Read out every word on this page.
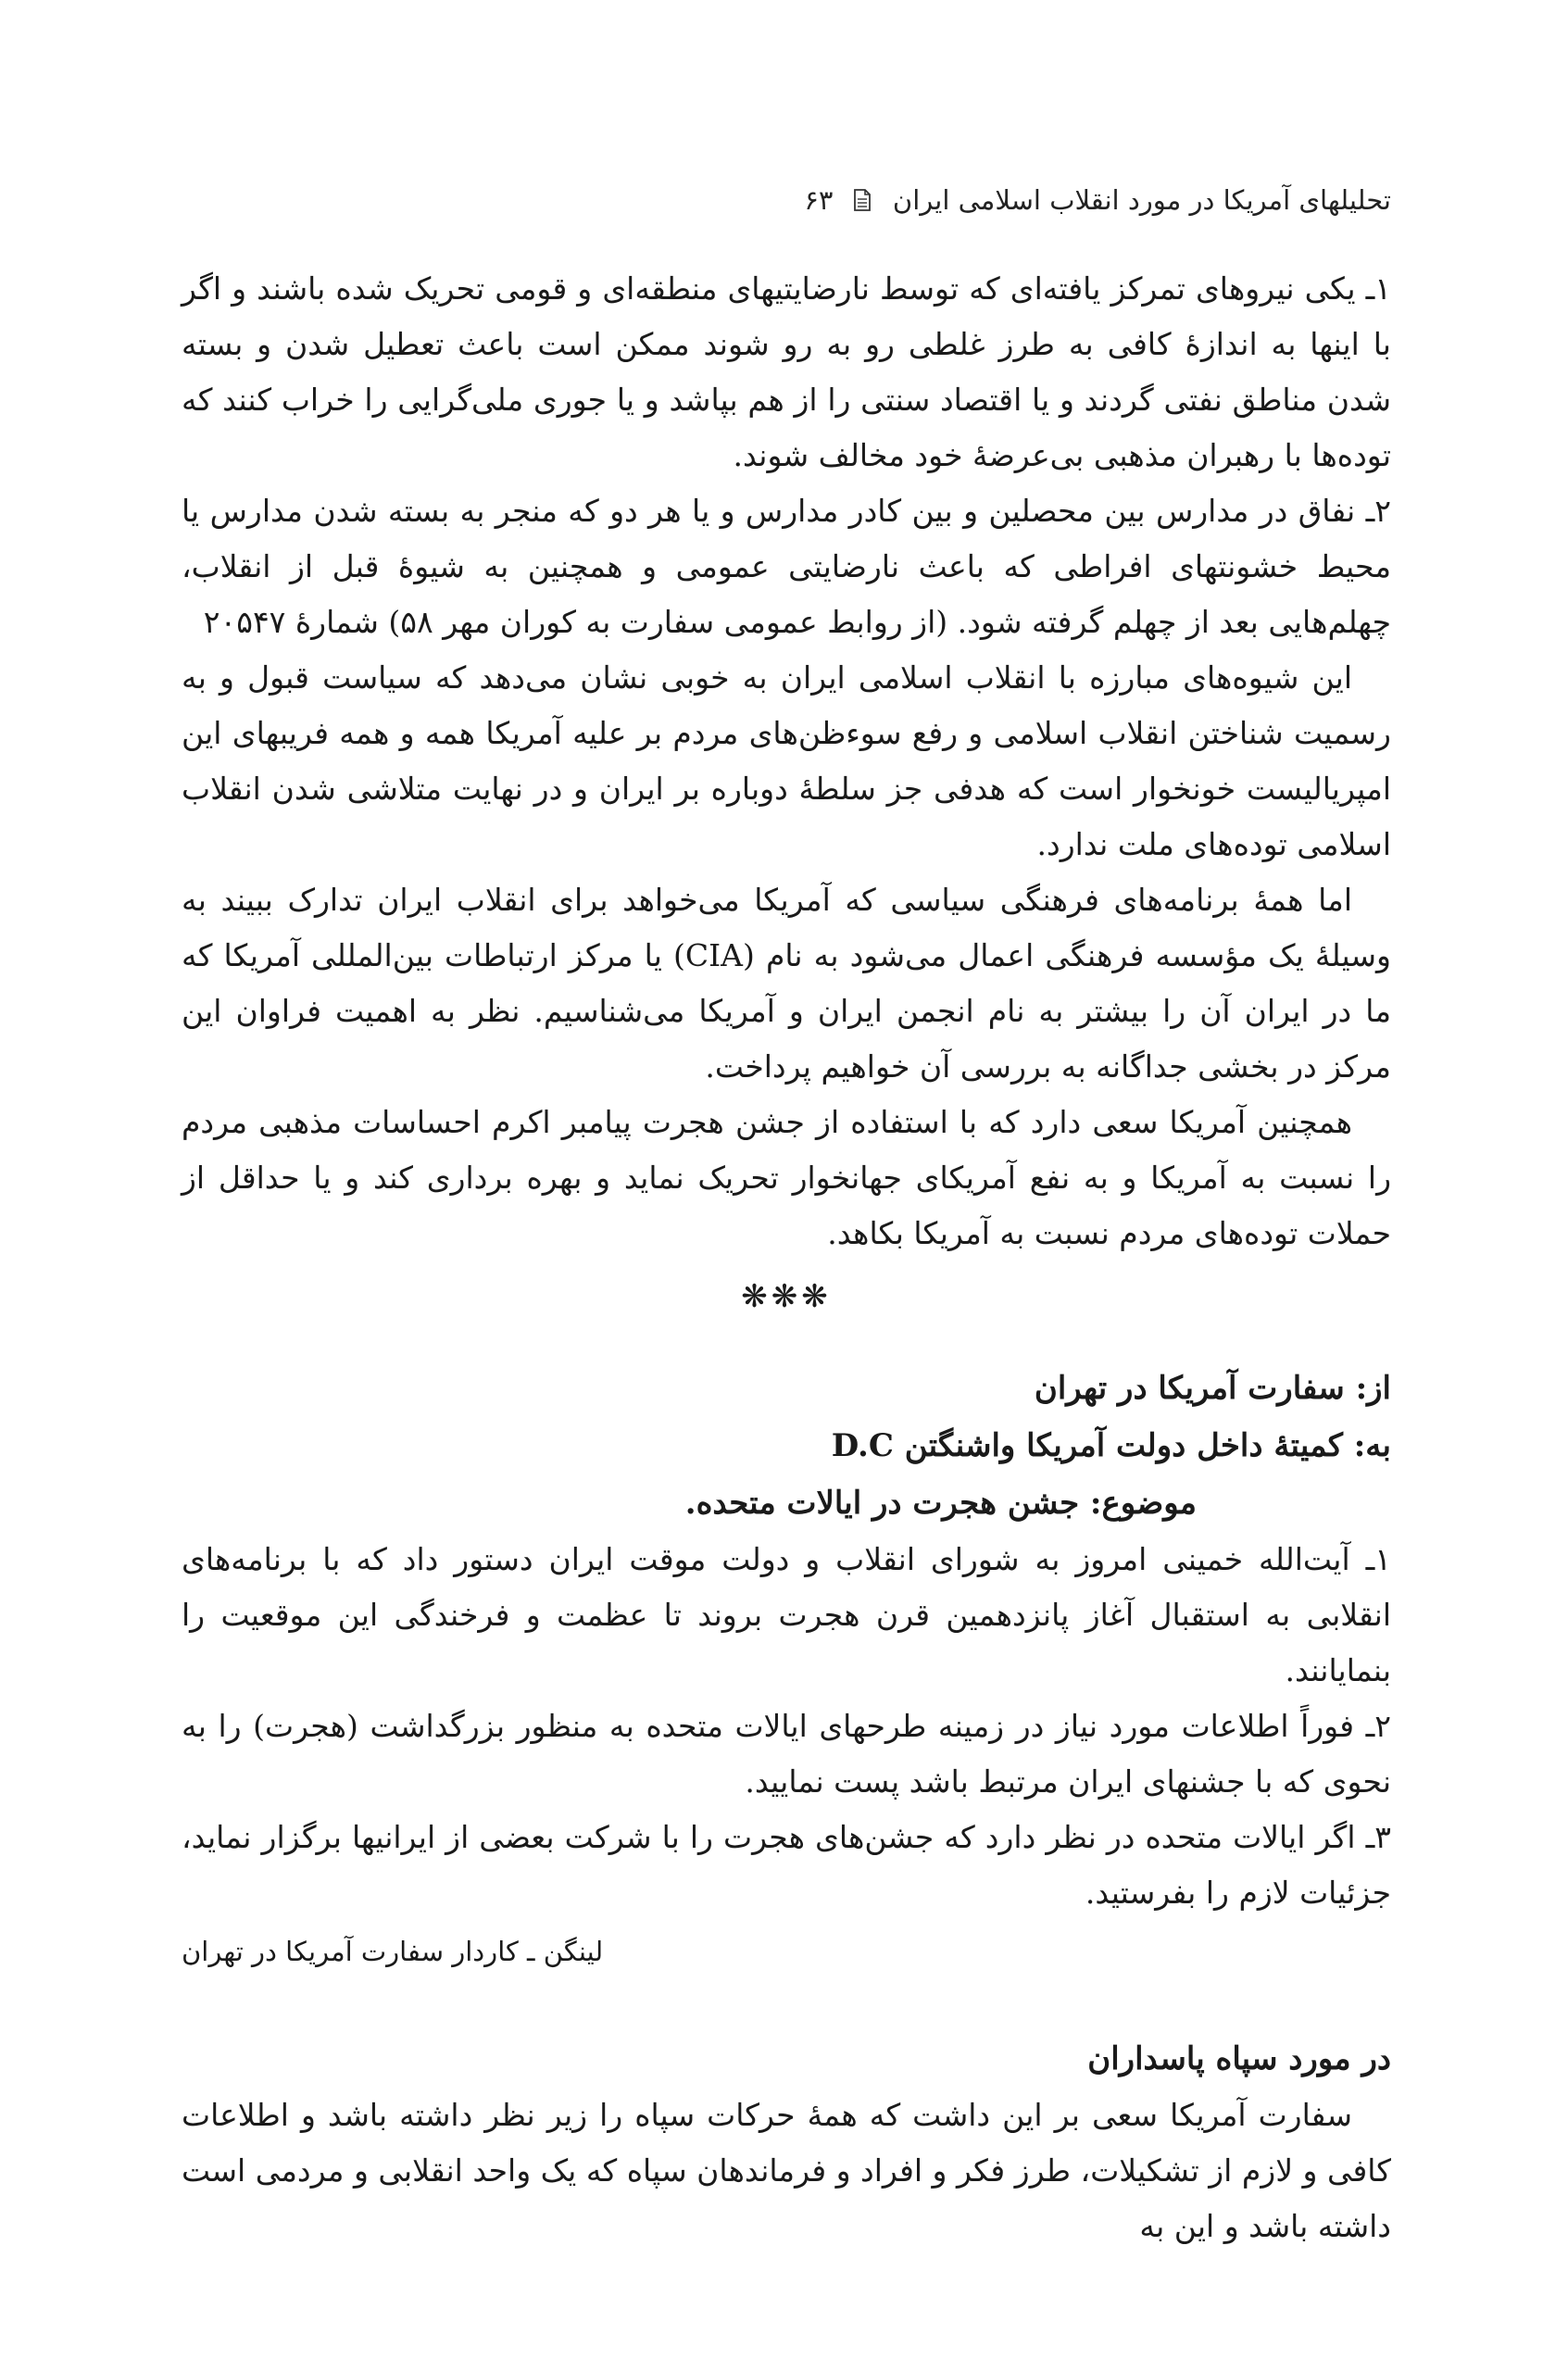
تحلیلهای آمریکا در مورد انقلاب اسلامی ایران  ۶۳

۱ـ یکی نیروهای تمرکز یافته‌ای که توسط نارضایتیهای منطقه‌ای و قومی تحریک شده باشند و اگر با اینها به اندازهٔ کافی به طرز غلطی رو به رو شوند ممکن است باعث تعطیل شدن و بسته شدن مناطق نفتی گردند و یا اقتصاد سنتی را از هم بپاشد و یا جوری ملی‌گرایی را خراب کنند که توده‌ها با رهبران مذهبی بی‌عرضهٔ خود مخالف شوند.

۲ـ نفاق در مدارس بین محصلین و بین کادر مدارس و یا هر دو که منجر به بسته شدن مدارس یا محیط خشونتهای افراطی که باعث نارضایتی عمومی و همچنین به شیوهٔ قبل از انقلاب، چهلم‌هایی بعد از چهلم گرفته شود. (از روابط عمومی سفارت به کوران مهر ۵۸) شمارهٔ ۲۰۵۴۷

این شیوه‌های مبارزه با انقلاب اسلامی ایران به خوبی نشان می‌دهد که سیاست قبول و به رسمیت شناختن انقلاب اسلامی و رفع سوءظن‌های مردم بر علیه آمریکا همه و همه فریبهای این امپریالیست خونخوار است که هدفی جز سلطهٔ دوباره بر ایران و در نهایت متلاشی شدن انقلاب اسلامی توده‌های ملت ندارد.

اما همهٔ برنامه‌های فرهنگی سیاسی که آمریکا می‌خواهد برای انقلاب ایران تدارک ببیند به وسیلهٔ یک مؤسسه فرهنگی اعمال می‌شود به نام (CIA) یا مرکز ارتباطات بین‌المللی آمریکا که ما در ایران آن را بیشتر به نام انجمن ایران و آمریکا می‌شناسیم. نظر به اهمیت فراوان این مرکز در بخشی جداگانه به بررسی آن خواهیم پرداخت.

همچنین آمریکا سعی دارد که با استفاده از جشن هجرت پیامبر اکرم احساسات مذهبی مردم را نسبت به آمریکا و به نفع آمریکای جهانخوار تحریک نماید و بهره برداری کند و یا حداقل از حملات توده‌های مردم نسبت به آمریکا بکاهد.

❋❋❋

از: سفارت آمریکا در تهران

به: کمیتهٔ داخل دولت آمریکا واشنگتن D.C

موضوع: جشن هجرت در ایالات متحده.

۱ـ آیت‌الله خمینی امروز به شورای انقلاب و دولت موقت ایران دستور داد که با برنامه‌های انقلابی به استقبال آغاز پانزدهمین قرن هجرت بروند تا عظمت و فرخندگی این موقعیت را بنمایانند.

۲ـ فوراً اطلاعات مورد نیاز در زمینه طرحهای ایالات متحده به منظور بزرگداشت (هجرت) را به نحوی که با جشنهای ایران مرتبط باشد پست نمایید.

۳ـ اگر ایالات متحده در نظر دارد که جشن‌های هجرت را با شرکت بعضی از ایرانیها برگزار نماید، جزئیات لازم را بفرستید.

لینگن ـ کاردار سفارت آمریکا در تهران

در مورد سپاه پاسداران

سفارت آمریکا سعی بر این داشت که همهٔ حرکات سپاه را زیر نظر داشته باشد و اطلاعات کافی و لازم از تشکیلات، طرز فکر و افراد و فرماندهان سپاه که یک واحد انقلابی و مردمی است داشته باشد و این به
